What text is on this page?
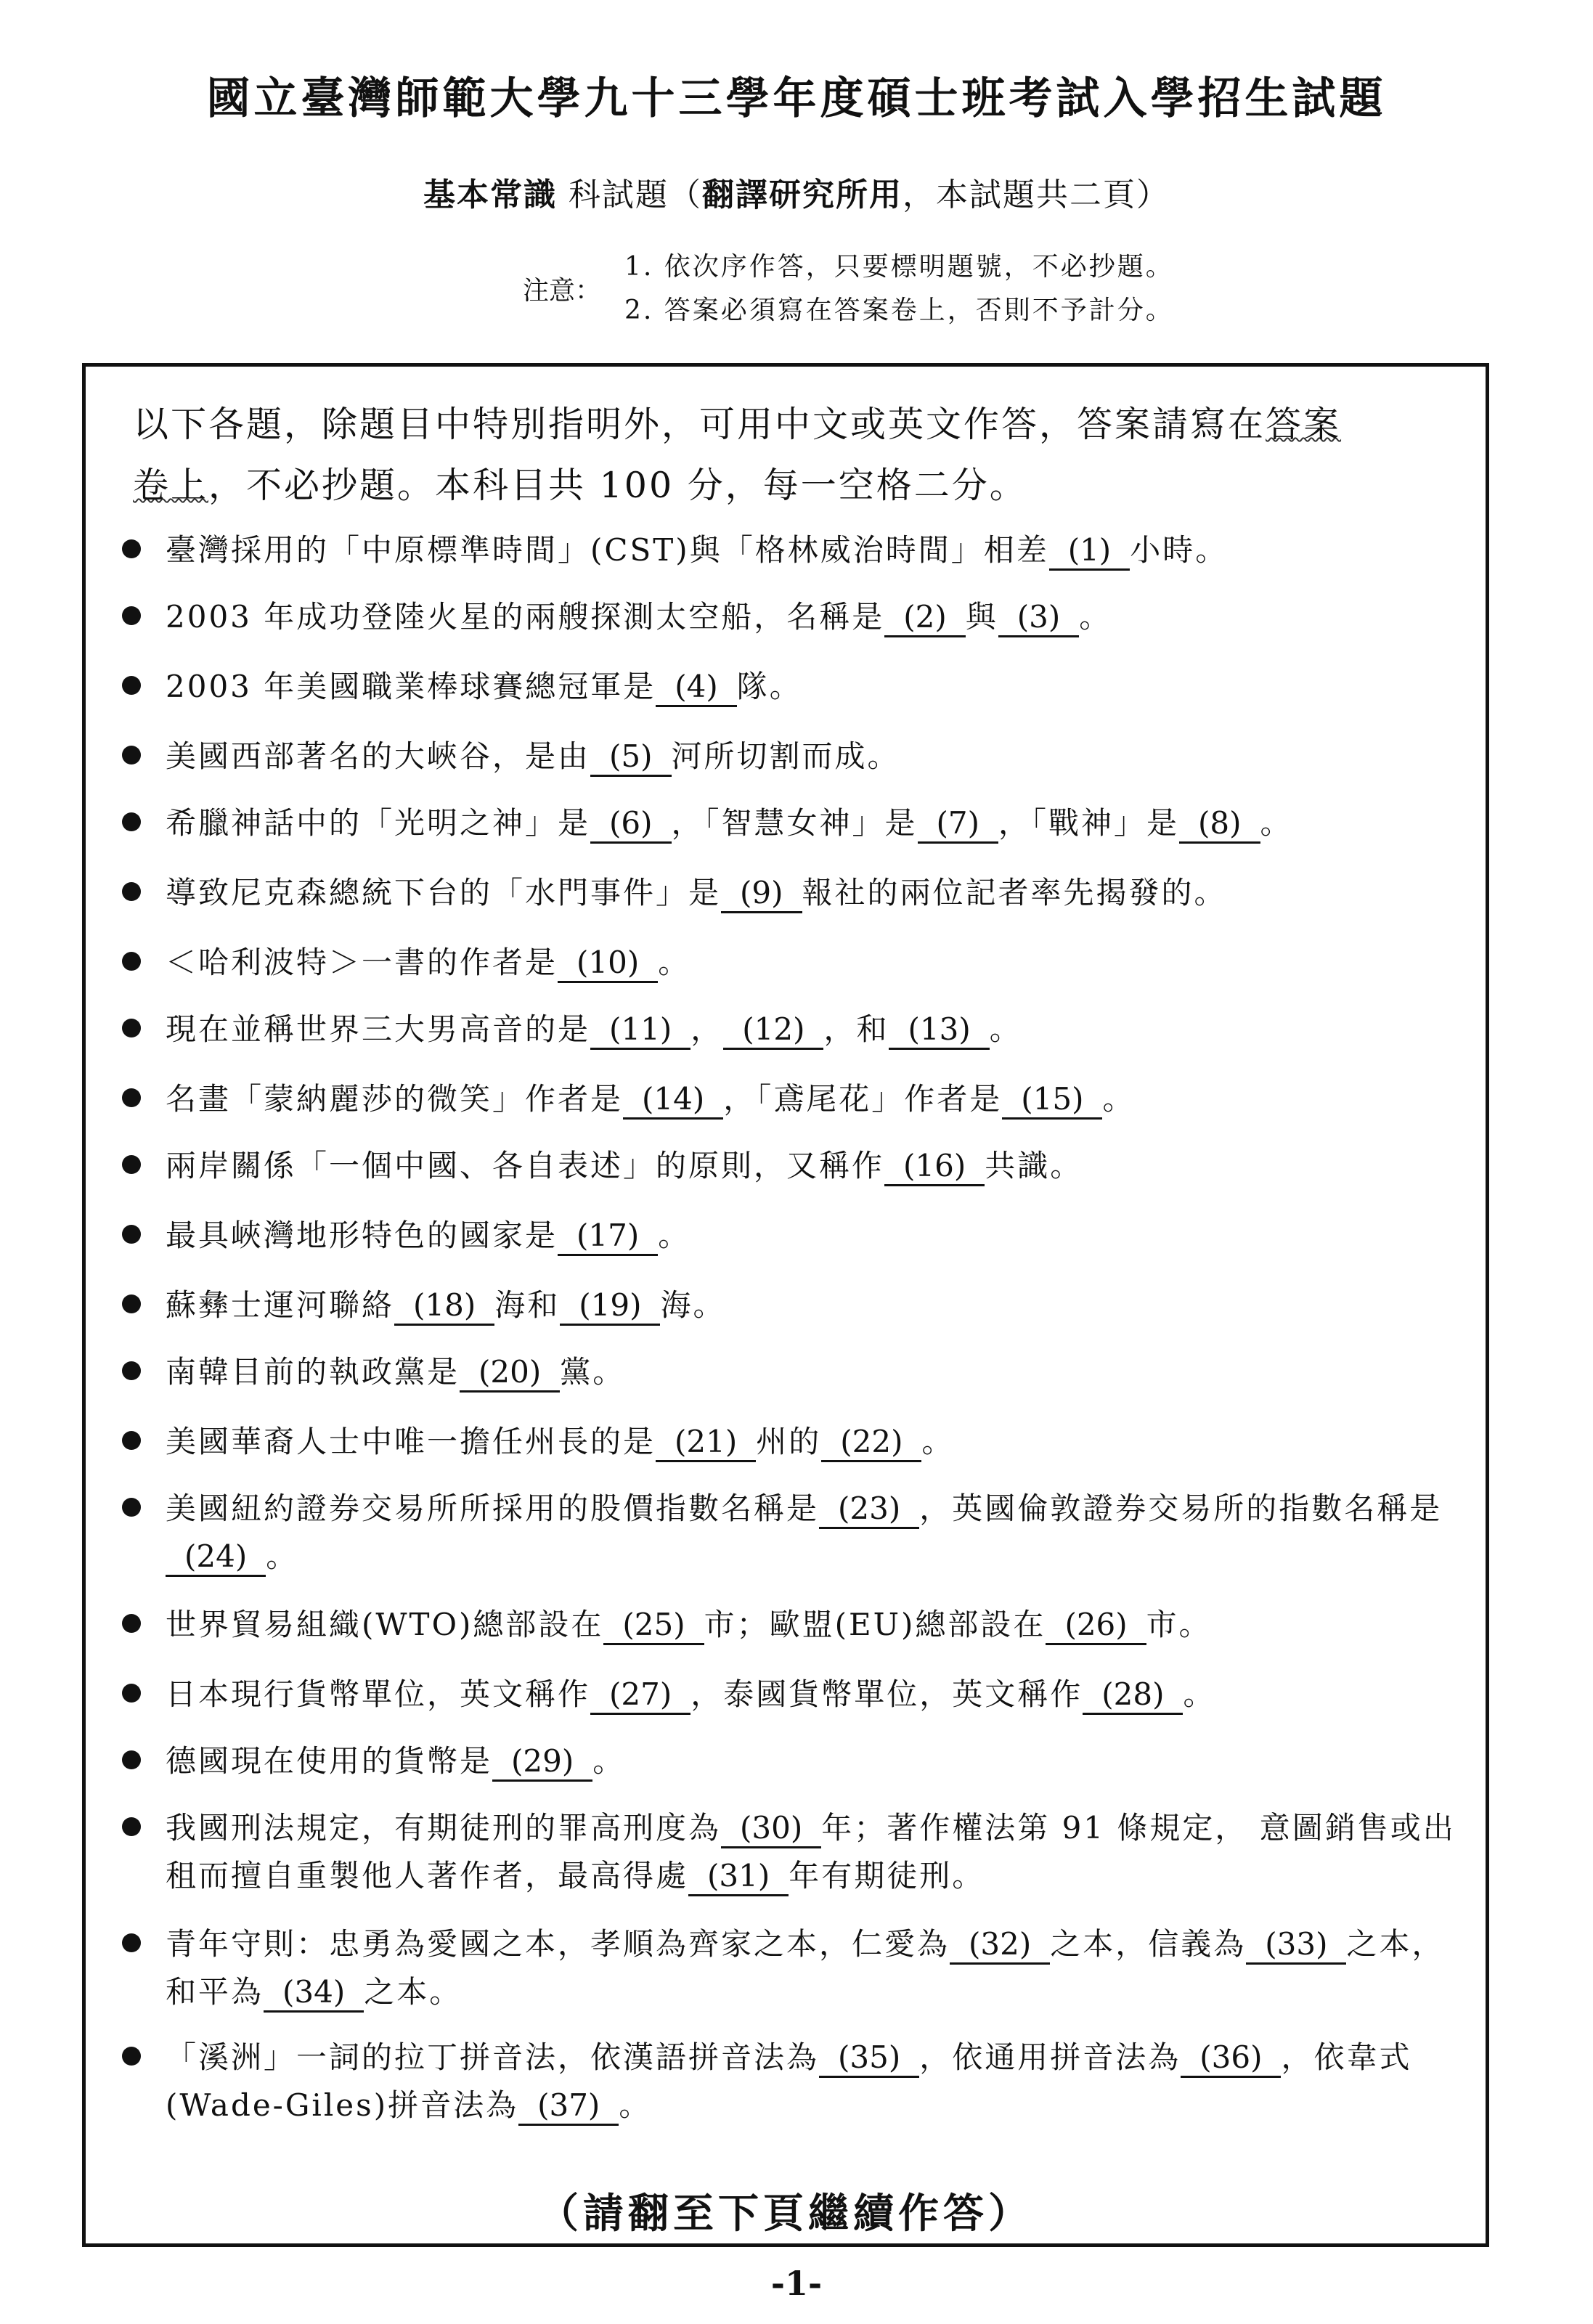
國立臺灣師範大學九十三學年度碩士班考試入學招生試題
基本常識 科試題（翻譯研究所用，本試題共二頁）
注意：
1. 依次序作答，只要標明題號，不必抄題。
2. 答案必須寫在答案卷上，否則不予計分。
以下各題，除題目中特別指明外，可用中文或英文作答，答案請寫在答案
卷上，不必抄題。本科目共 100 分，每一空格二分。
臺灣採用的「中原標準時間」(CST)與「格林威治時間」相差 (1) 小時。
2003 年成功登陸火星的兩艘探測太空船，名稱是 (2) 與 (3) 。
2003 年美國職業棒球賽總冠軍是 (4) 隊。
美國西部著名的大峽谷，是由 (5) 河所切割而成。
希臘神話中的「光明之神」是 (6) ，「智慧女神」是 (7) ，「戰神」是 (8) 。
導致尼克森總統下台的「水門事件」是 (9) 報社的兩位記者率先揭發的。
＜哈利波特＞一書的作者是 (10) 。
現在並稱世界三大男高音的是 (11) ， (12) ，和 (13) 。
名畫「蒙納麗莎的微笑」作者是 (14) ，「鳶尾花」作者是 (15) 。
兩岸關係「一個中國、各自表述」的原則，又稱作 (16) 共識。
最具峽灣地形特色的國家是 (17) 。
蘇彝士運河聯絡 (18) 海和 (19) 海。
南韓目前的執政黨是 (20) 黨。
美國華裔人士中唯一擔任州長的是 (21) 州的 (22) 。
美國紐約證券交易所所採用的股價指數名稱是 (23) ，英國倫敦證券交易所的指數名稱是(24) 。
世界貿易組織(WTO)總部設在 (25) 市；歐盟(EU)總部設在 (26) 市。
日本現行貨幣單位，英文稱作 (27) ，泰國貨幣單位，英文稱作 (28) 。
德國現在使用的貨幣是 (29) 。
我國刑法規定，有期徒刑的罪高刑度為 (30) 年；著作權法第 91 條規定， 意圖銷售或出租而擅自重製他人著作者，最高得處 (31) 年有期徒刑。
青年守則：忠勇為愛國之本，孝順為齊家之本，仁愛為 (32) 之本，信義為 (33) 之本，和平為 (34) 之本。
「溪洲」一詞的拉丁拼音法，依漢語拼音法為 (35) ，依通用拼音法為 (36) ，依韋式(Wade-Giles)拼音法為 (37) 。
（請翻至下頁繼續作答）
-1-
